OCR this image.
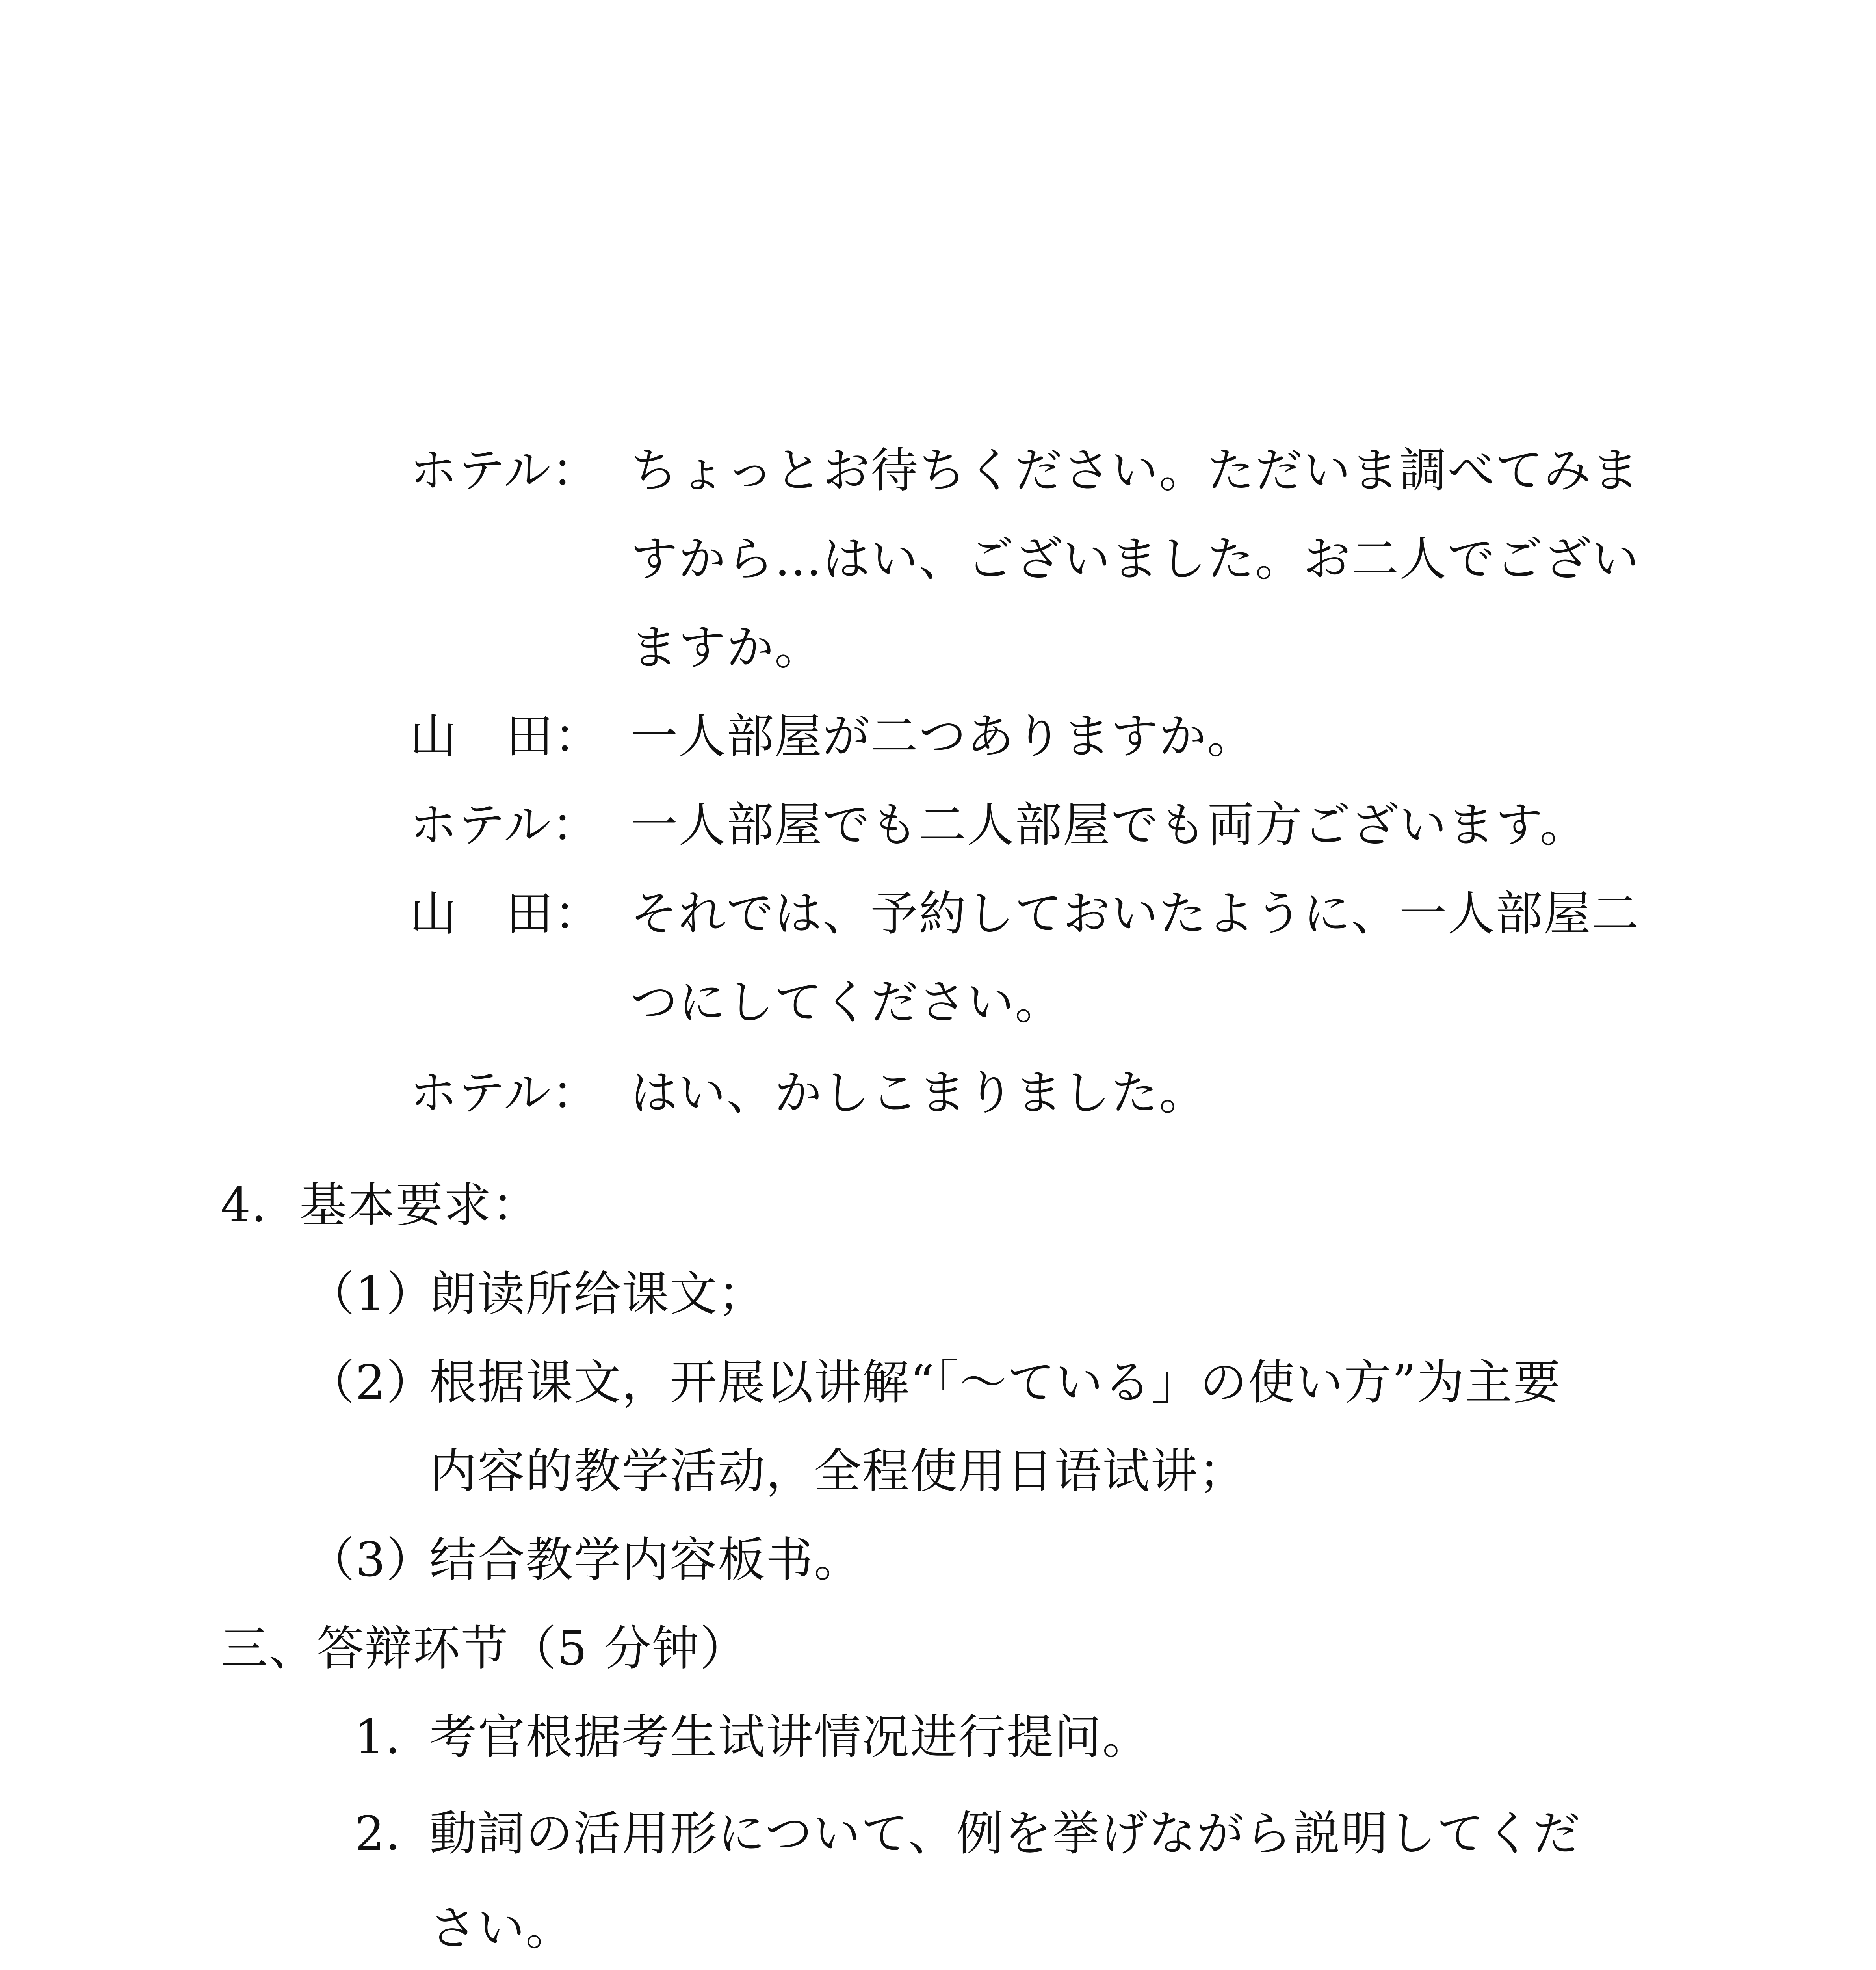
ホテル： ちょっとお待ちください。ただいま調べてみま
すから…はい、ございました。お二人でござい
ますか。
山　田： 一人部屋が二つありますか。
ホテル： 一人部屋でも二人部屋でも両方ございます。
山　田： それでは、予約しておいたように、一人部屋二
つにしてください。
ホテル： はい、かしこまりました。
4．基本要求：
（1）
朗读所给课文；
（2）
根据课文，开展以讲解“「～ている」の使い方”为主要
内容的教学活动，全程使用日语试讲；
（3）
结合教学内容板书。
三、答辩环节（5 分钟）
1．
考官根据考生试讲情况进行提问。
2．
動詞の活用形について、例を挙げながら説明してくだ
さい。
